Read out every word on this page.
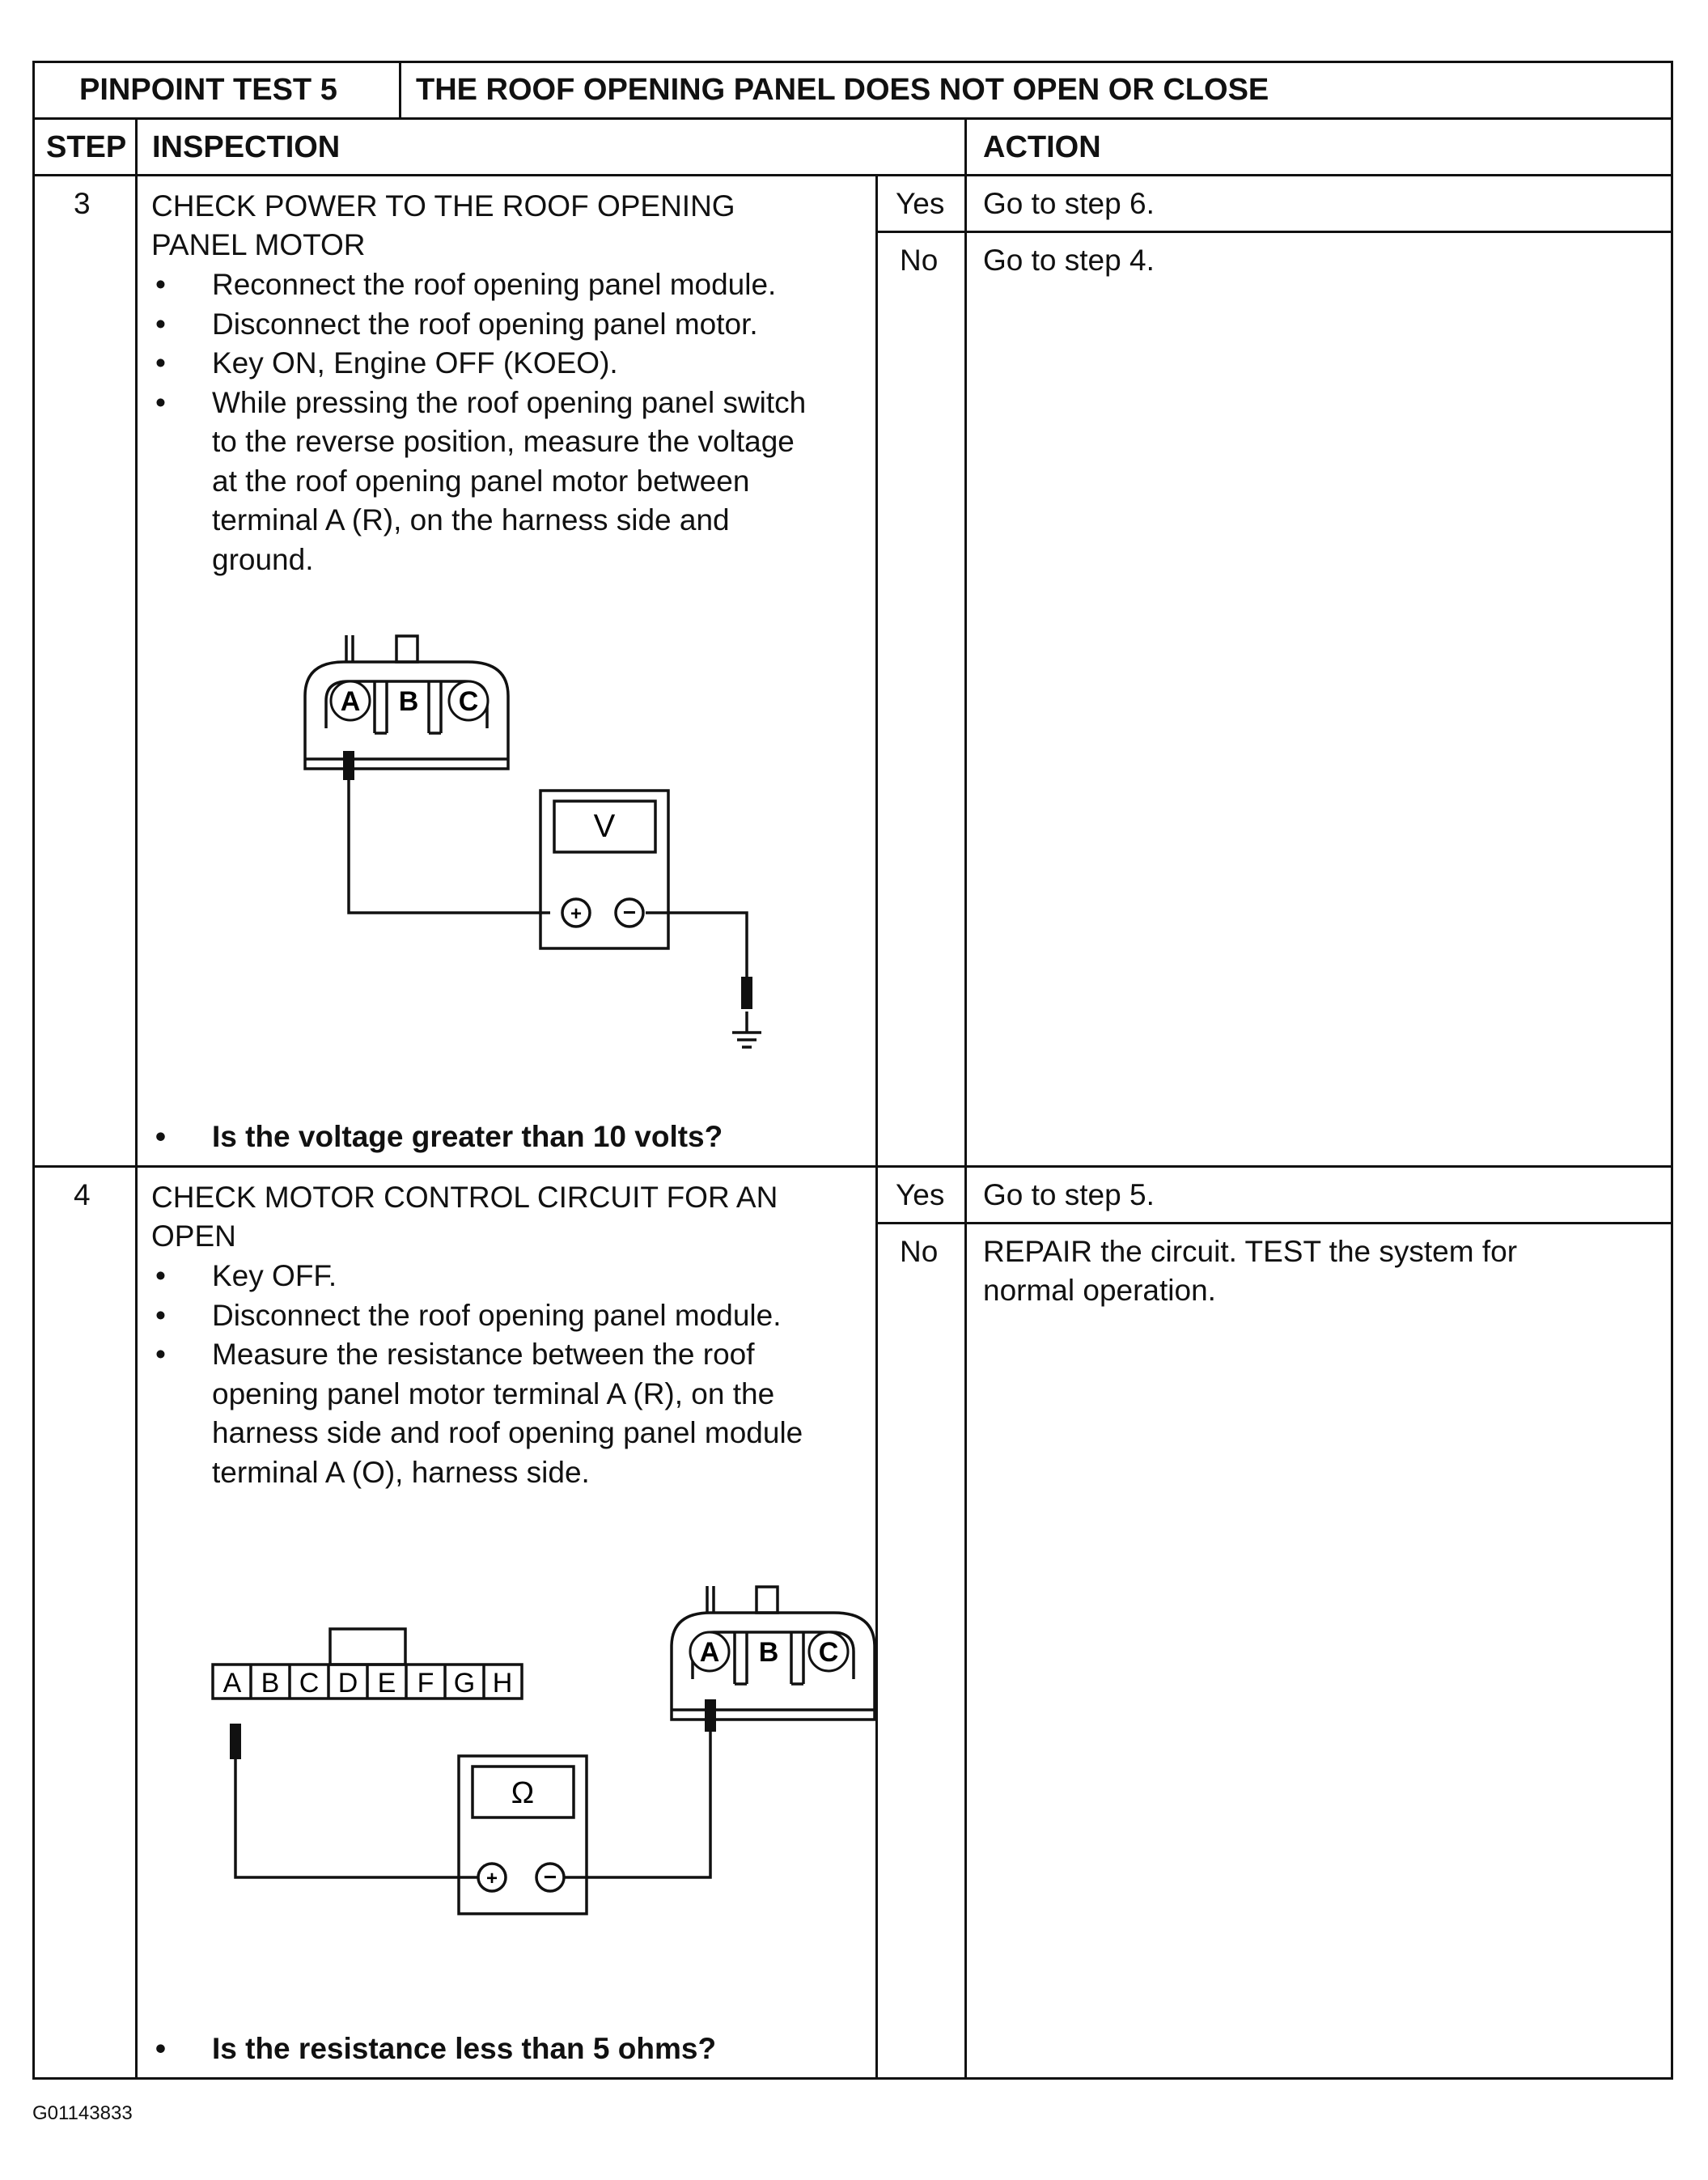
PINPOINT TEST 5	THE ROOF OPENING PANEL DOES NOT OPEN OR CLOSE
STEP INSPECTION	ACTION
3 CHECK POWER TO THE ROOF OPENING
PANEL MOTOR
• Reconnect the roof opening panel module.
• Disconnect the roof opening panel motor.
• Key ON, Engine OFF (KOEO).
• While pressing the roof opening panel switch
to the reverse position, measure the voltage
at the roof opening panel motor between
terminal A (R), on the harness side and
ground.
• Is the voltage greater than 10 volts?
Yes Go to step 6.
No Go to step 4.
4 CHECK MOTOR CONTROL CIRCUIT FOR AN
OPEN
• Key OFF.
• Disconnect the roof opening panel module.
• Measure the resistance between the roof
opening panel motor terminal A (R), on the
harness side and roof opening panel module
terminal A (O), harness side.
• Is the resistance less than 5 ohms?
Yes Go to step 5.
No REPAIR the circuit. TEST the system for
normal operation.
A B C
V
+ −
A B C D E F G H
A B C
Ω
+ −
G01143833
